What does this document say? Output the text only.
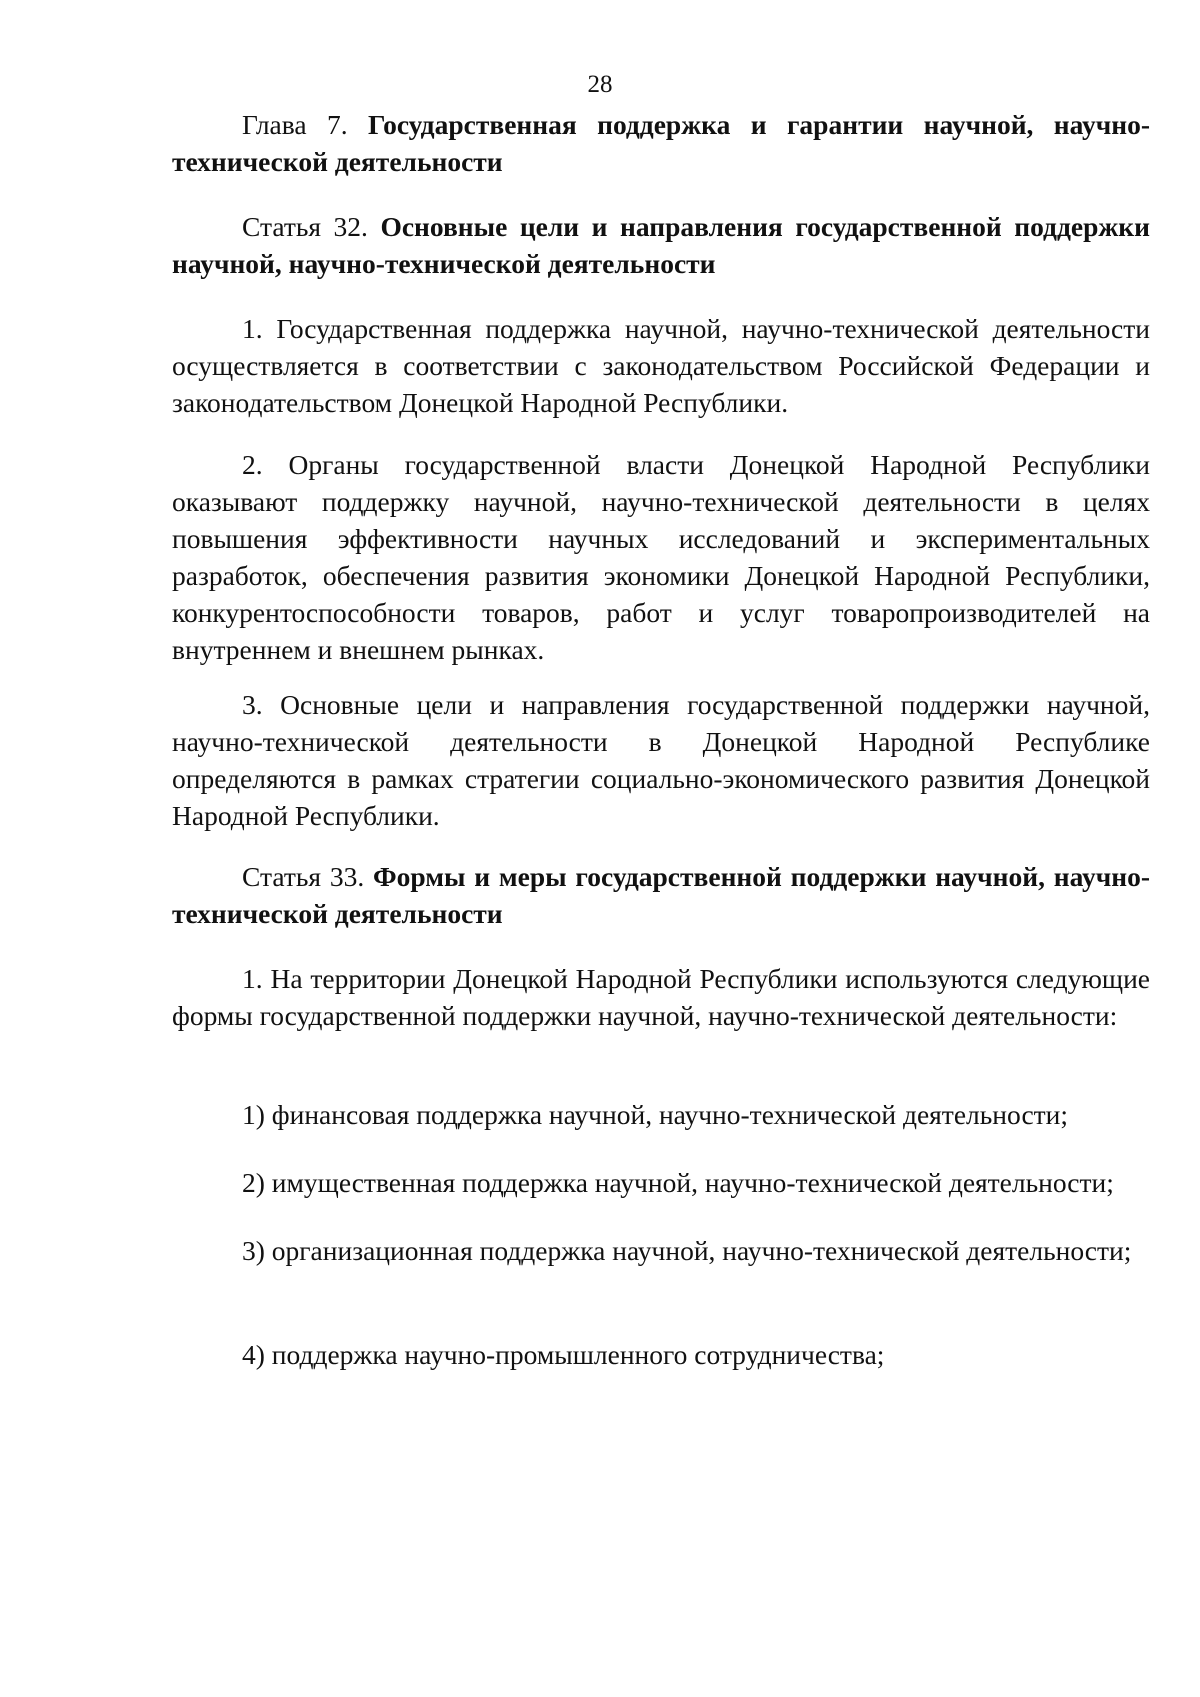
28
Глава 7. Государственная поддержка и гарантии научной, научно-технической деятельности
Статья 32. Основные цели и направления государственной поддержки научной, научно-технической деятельности

1. Государственная поддержка научной, научно-технической деятельности осуществляется в соответствии с законодательством Российской Федерации и законодательством Донецкой Народной Республики.

2. Органы государственной власти Донецкой Народной Республики оказывают поддержку научной, научно-технической деятельности в целях повышения эффективности научных исследований и экспериментальных разработок, обеспечения развития экономики Донецкой Народной Республики, конкурентоспособности товаров, работ и услуг товаропроизводителей на внутреннем и внешнем рынках.

3. Основные цели и направления государственной поддержки научной, научно-технической деятельности в Донецкой Народной Республике определяются в рамках стратегии социально-экономического развития Донецкой Народной Республики.

Статья 33. Формы и меры государственной поддержки научной, научно-технической деятельности

1. На территории Донецкой Народной Республики используются следующие формы государственной поддержки научной, научно-технической деятельности:

1) финансовая поддержка научной, научно-технической деятельности;

2) имущественная поддержка научной, научно-технической деятельности;

3) организационная поддержка научной, научно-технической деятельности;

4) поддержка научно-промышленного сотрудничества;
